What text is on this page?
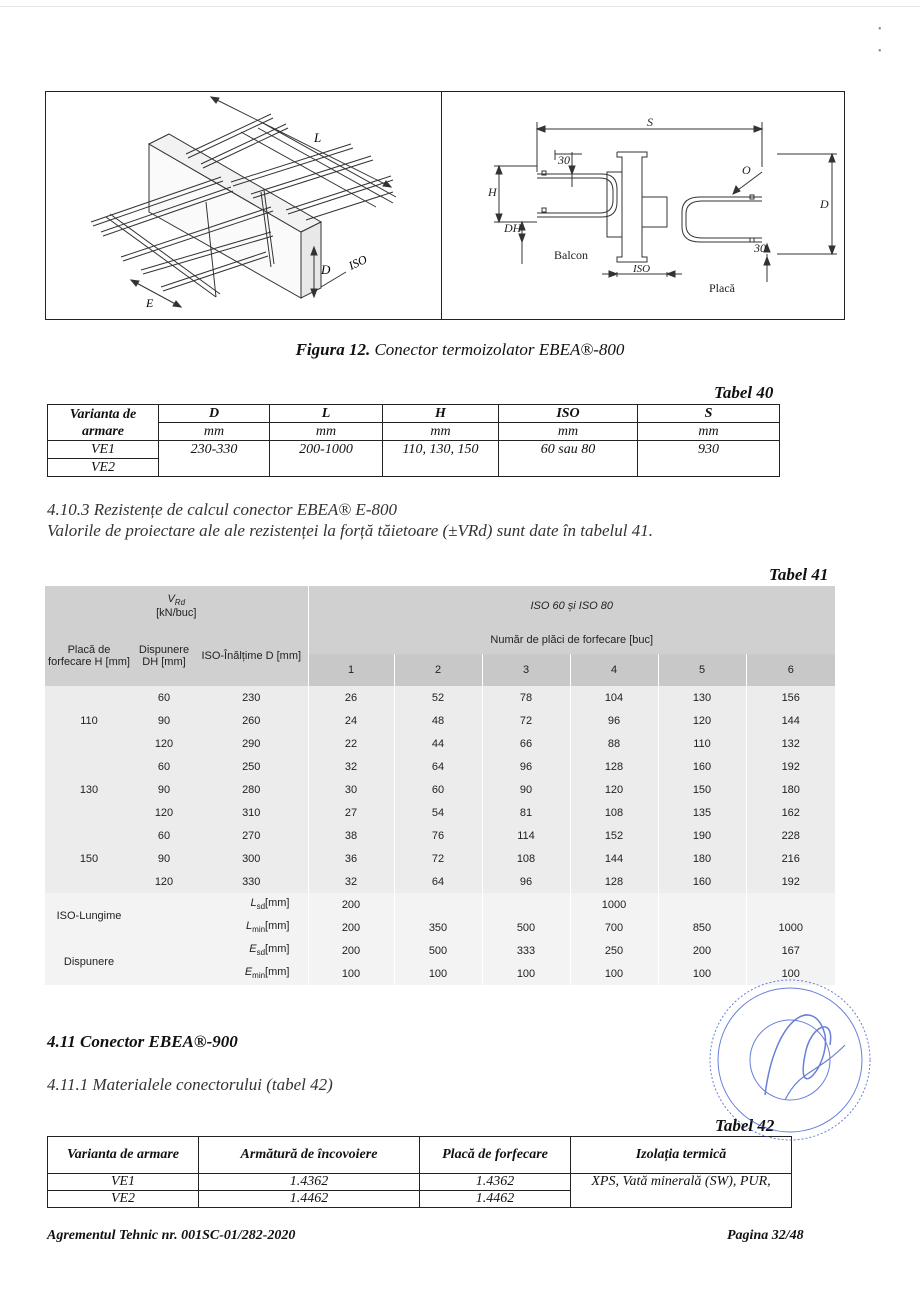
•

•
L
D ISO
E
S
O
D
H
DH
30
30
Balcon
ISO
Placă
Figura 12. Conector termoizolator EBEA®-800
Tabel 40
Varianta de armare	D	L	H	ISO	S
	mm	mm	mm	mm	mm
VE1	230-330	200-1000	110, 130, 150	60 sau 80	930
VE2					
4.10.3 Rezistențe de calcul conector EBEA® E-800
Valorile de proiectare ale ale rezistenței la forță tăietoare (±VRd) sunt date în tabelul 41.
Tabel 41
$V_{Rd}$
[kN/buc]			ISO 60 și ISO 80					
Placă de forfecare H [mm]	Dispunere DH [mm]	ISO-Înălțime D [mm]	Număr de plăci de forfecare [buc]					
			1	2	3	4	5	6
110	60	230	26	52	78	104	130	156
	90	260	24	48	72	96	120	144
	120	290	22	44	66	88	110	132
130	60	250	32	64	96	128	160	192
	90	280	30	60	90	120	150	180
	120	310	27	54	81	108	135	162
150	60	270	38	76	114	152	190	228
	90	300	36	72	108	144	180	216
	120	330	32	64	96	128	160	192
ISO-Lungime		$L_{sd}[mm]$	200			1000		
		$L_{min}[mm]$	200	350	500	700	850	1000
Dispunere		$E_{sd}[mm]$	200	500	333	250	200	167
		$E_{min}[mm]$	100	100	100	100	100	100
4.11 Conector EBEA®-900
4.11.1 Materialele conectorului (tabel 42)
Tabel 42
Varianta de armare	Armătură de încovoiere	Placă de forfecare	Izolația termică
VE1	1.4362	1.4362	XPS, Vată minerală (SW), PUR,
VE2	1.4462	1.4462	
Agrementul Tehnic nr. 001SC-01/282-2020	Pagina 32/48
